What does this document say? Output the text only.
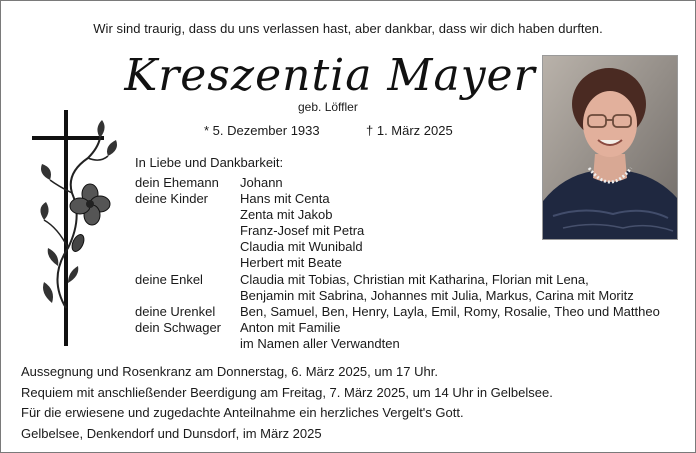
Wir sind traurig, dass du uns verlassen hast, aber dankbar, dass wir dich haben durften.
Kreszentia Mayer
geb. Löffler
* 5. Dezember 1933	† 1. März 2025
In Liebe und Dankbarkeit:
dein Ehemann	Johann
deine Kinder	Hans mit Centa
Zenta mit Jakob
Franz-Josef mit Petra
Claudia mit Wunibald
Herbert mit Beate
deine Enkel	Claudia mit Tobias, Christian mit Katharina, Florian mit Lena,
Benjamin mit Sabrina, Johannes mit Julia, Markus, Carina mit Moritz
deine Urenkel	Ben, Samuel, Ben, Henry, Layla, Emil, Romy, Rosalie, Theo und Mattheo
dein Schwager	Anton mit Familie
im Namen aller Verwandten
Aussegnung und Rosenkranz am Donnerstag, 6. März 2025, um 17 Uhr.
Requiem mit anschließender Beerdigung am Freitag, 7. März 2025, um 14 Uhr in Gelbelsee.
Für die erwiesene und zugedachte Anteilnahme ein herzliches Vergelt's Gott.
Gelbelsee, Denkendorf und Dunsdorf, im März 2025
